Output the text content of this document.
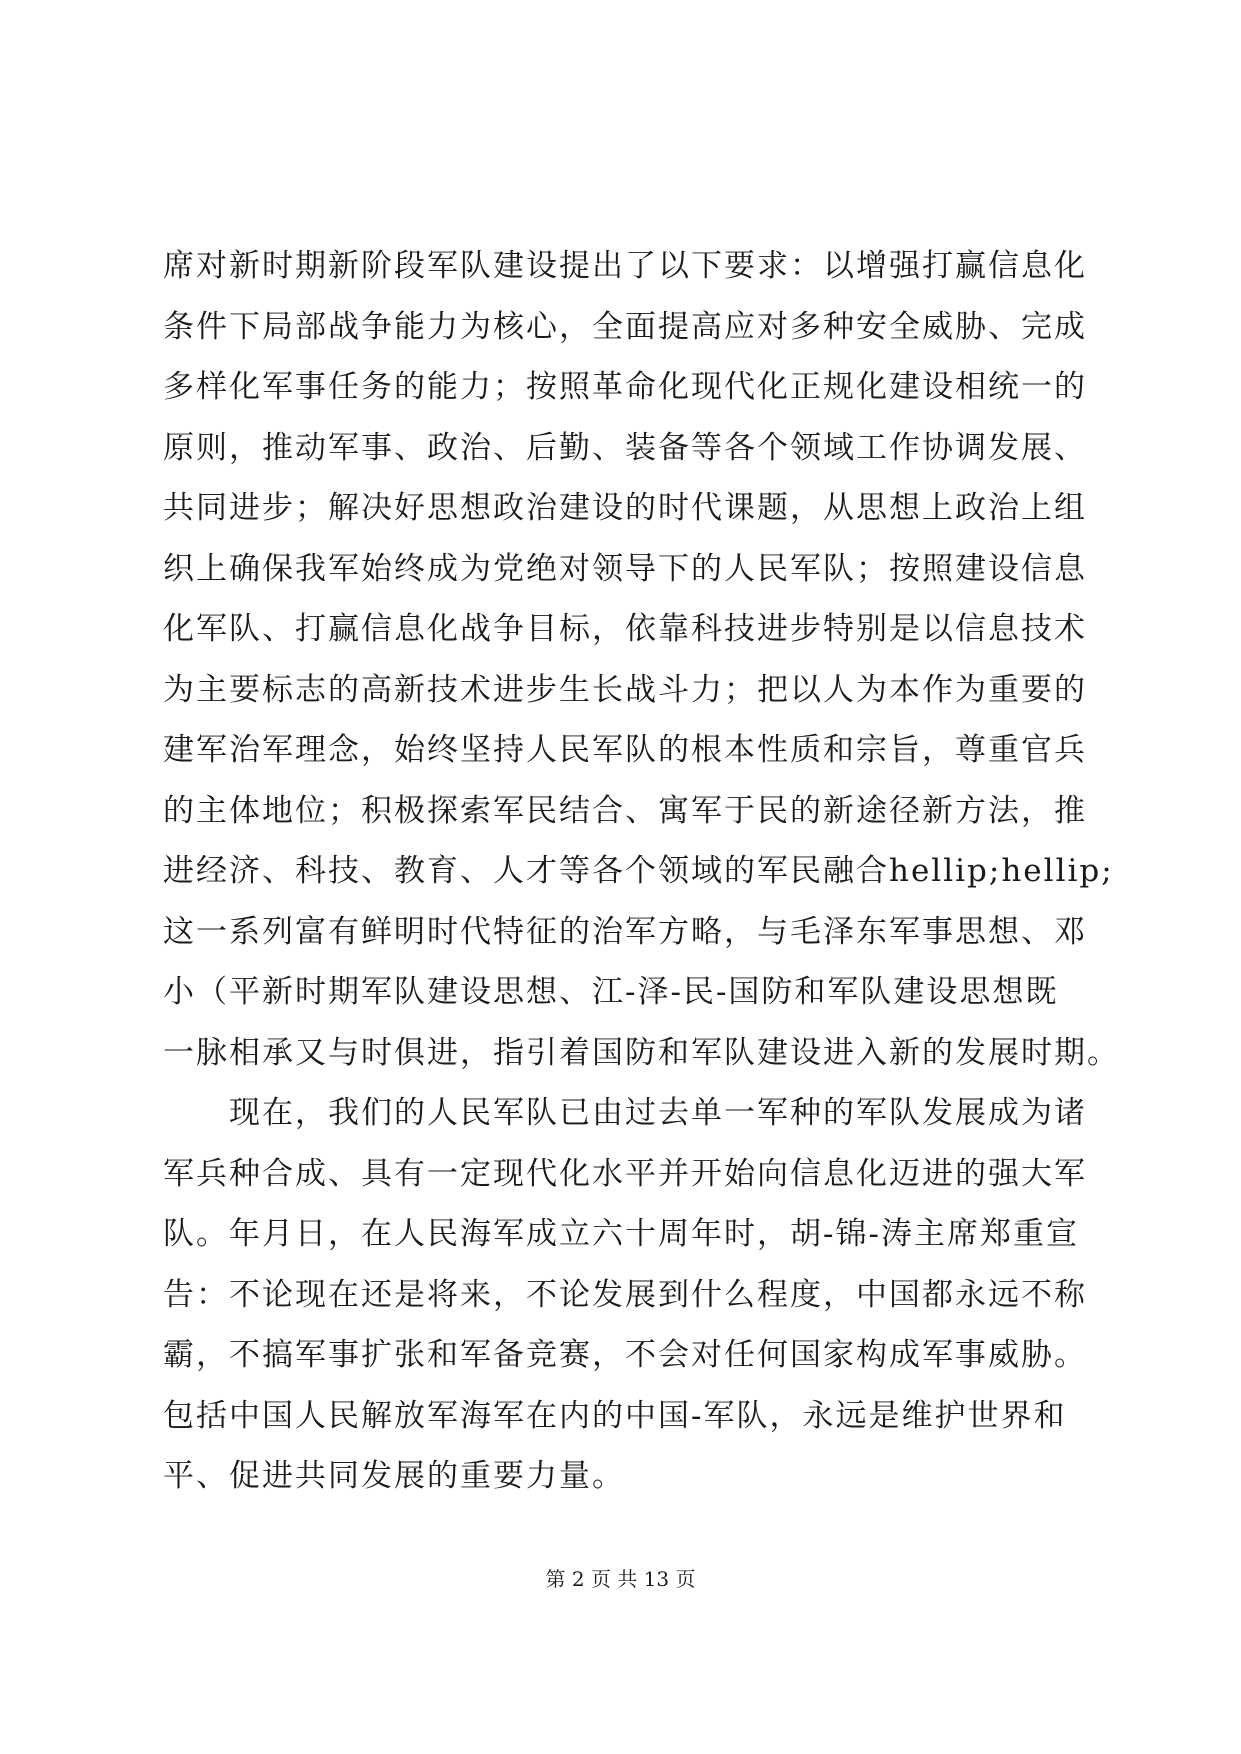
席对新时期新阶段军队建设提出了以下要求：以增强打赢信息化
条件下局部战争能力为核心，全面提高应对多种安全威胁、完成
多样化军事任务的能力；按照革命化现代化正规化建设相统一的
原则，推动军事、政治、后勤、装备等各个领域工作协调发展、
共同进步；解决好思想政治建设的时代课题，从思想上政治上组
织上确保我军始终成为党绝对领导下的人民军队；按照建设信息
化军队、打赢信息化战争目标，依靠科技进步特别是以信息技术
为主要标志的高新技术进步生长战斗力；把以人为本作为重要的
建军治军理念，始终坚持人民军队的根本性质和宗旨，尊重官兵
的主体地位；积极探索军民结合、寓军于民的新途径新方法，推
进经济、科技、教育、人才等各个领域的军民融合hellip;hellip;
这一系列富有鲜明时代特征的治军方略，与毛泽东军事思想、邓
小（平新时期军队建设思想、江-泽-民-国防和军队建设思想既
一脉相承又与时俱进，指引着国防和军队建设进入新的发展时期。
　　现在，我们的人民军队已由过去单一军种的军队发展成为诸
军兵种合成、具有一定现代化水平并开始向信息化迈进的强大军
队。年月日，在人民海军成立六十周年时，胡-锦-涛主席郑重宣
告：不论现在还是将来，不论发展到什么程度，中国都永远不称
霸，不搞军事扩张和军备竞赛，不会对任何国家构成军事威胁。
包括中国人民解放军海军在内的中国-军队，永远是维护世界和
平、促进共同发展的重要力量。
第 2 页 共 13 页
